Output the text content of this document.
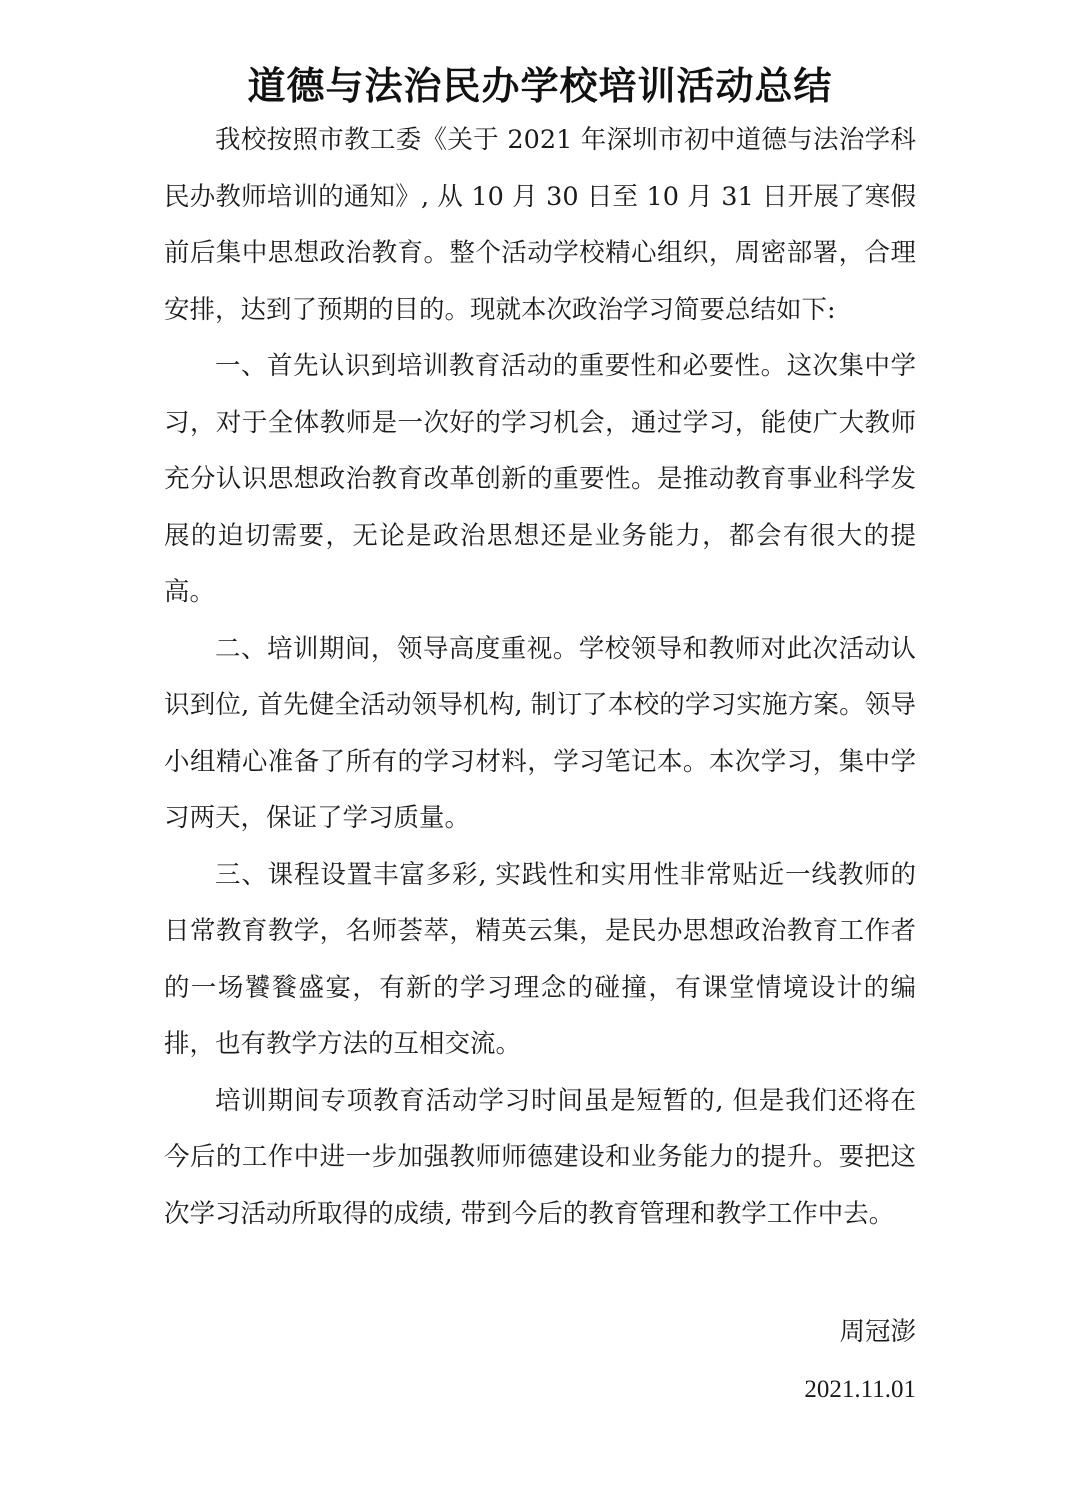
道德与法治民办学校培训活动总结

我校按照市教工委《关于 2021 年深圳市初中道德与法治学科民办教师培训的通知》, 从 10 月 30 日至 10 月 31 日开展了寒假前后集中思想政治教育。整个活动学校精心组织，周密部署，合理安排，达到了预期的目的。现就本次政治学习简要总结如下:

一、首先认识到培训教育活动的重要性和必要性。这次集中学习，对于全体教师是一次好的学习机会，通过学习，能使广大教师充分认识思想政治教育改革创新的重要性。是推动教育事业科学发展的迫切需要，无论是政治思想还是业务能力，都会有很大的提高。

二、培训期间，领导高度重视。学校领导和教师对此次活动认识到位, 首先健全活动领导机构, 制订了本校的学习实施方案。领导小组精心准备了所有的学习材料，学习笔记本。本次学习，集中学习两天，保证了学习质量。

三、课程设置丰富多彩, 实践性和实用性非常贴近一线教师的日常教育教学，名师荟萃，精英云集，是民办思想政治教育工作者的一场饕餮盛宴，有新的学习理念的碰撞，有课堂情境设计的编排，也有教学方法的互相交流。

培训期间专项教育活动学习时间虽是短暂的, 但是我们还将在今后的工作中进一步加强教师师德建设和业务能力的提升。要把这次学习活动所取得的成绩, 带到今后的教育管理和教学工作中去。

周冠澎
2021.11.01
